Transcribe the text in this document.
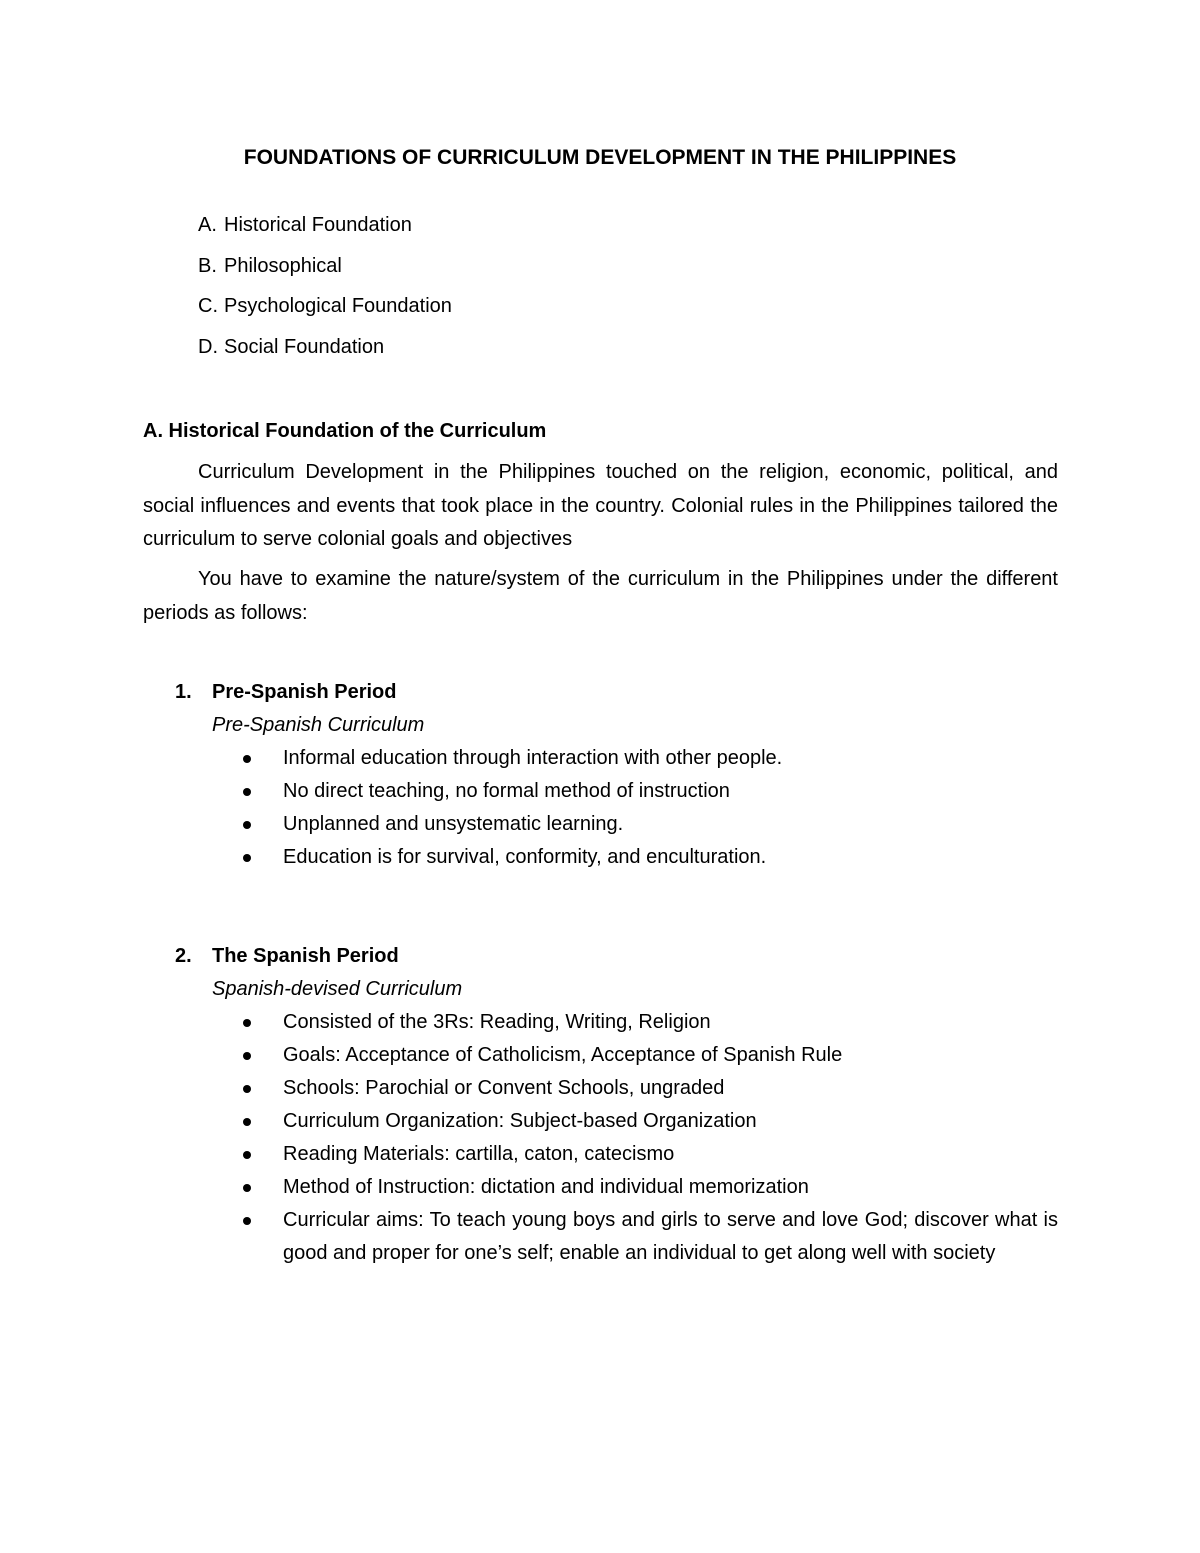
FOUNDATIONS OF CURRICULUM DEVELOPMENT IN THE PHILIPPINES
A. Historical Foundation
B. Philosophical
C. Psychological Foundation
D. Social Foundation
A. Historical Foundation of the Curriculum

Curriculum Development in the Philippines touched on the religion, economic, political, and social influences and events that took place in the country. Colonial rules in the Philippines tailored the curriculum to serve colonial goals and objectives

You have to examine the nature/system of the curriculum in the Philippines under the different periods as follows:

1.	Pre-Spanish Period
Pre-Spanish Curriculum
Informal education through interaction with other people.
No direct teaching, no formal method of instruction
Unplanned and unsystematic learning.
Education is for survival, conformity, and enculturation.
2.	The Spanish Period
Spanish-devised Curriculum
Consisted of the 3Rs: Reading, Writing, Religion
Goals: Acceptance of Catholicism, Acceptance of Spanish Rule
Schools: Parochial or Convent Schools, ungraded
Curriculum Organization: Subject-based Organization
Reading Materials: cartilla, caton, catecismo
Method of Instruction: dictation and individual memorization
Curricular aims: To teach young boys and girls to serve and love God; discover what is good and proper for one’s self; enable an individual to get along well with society
